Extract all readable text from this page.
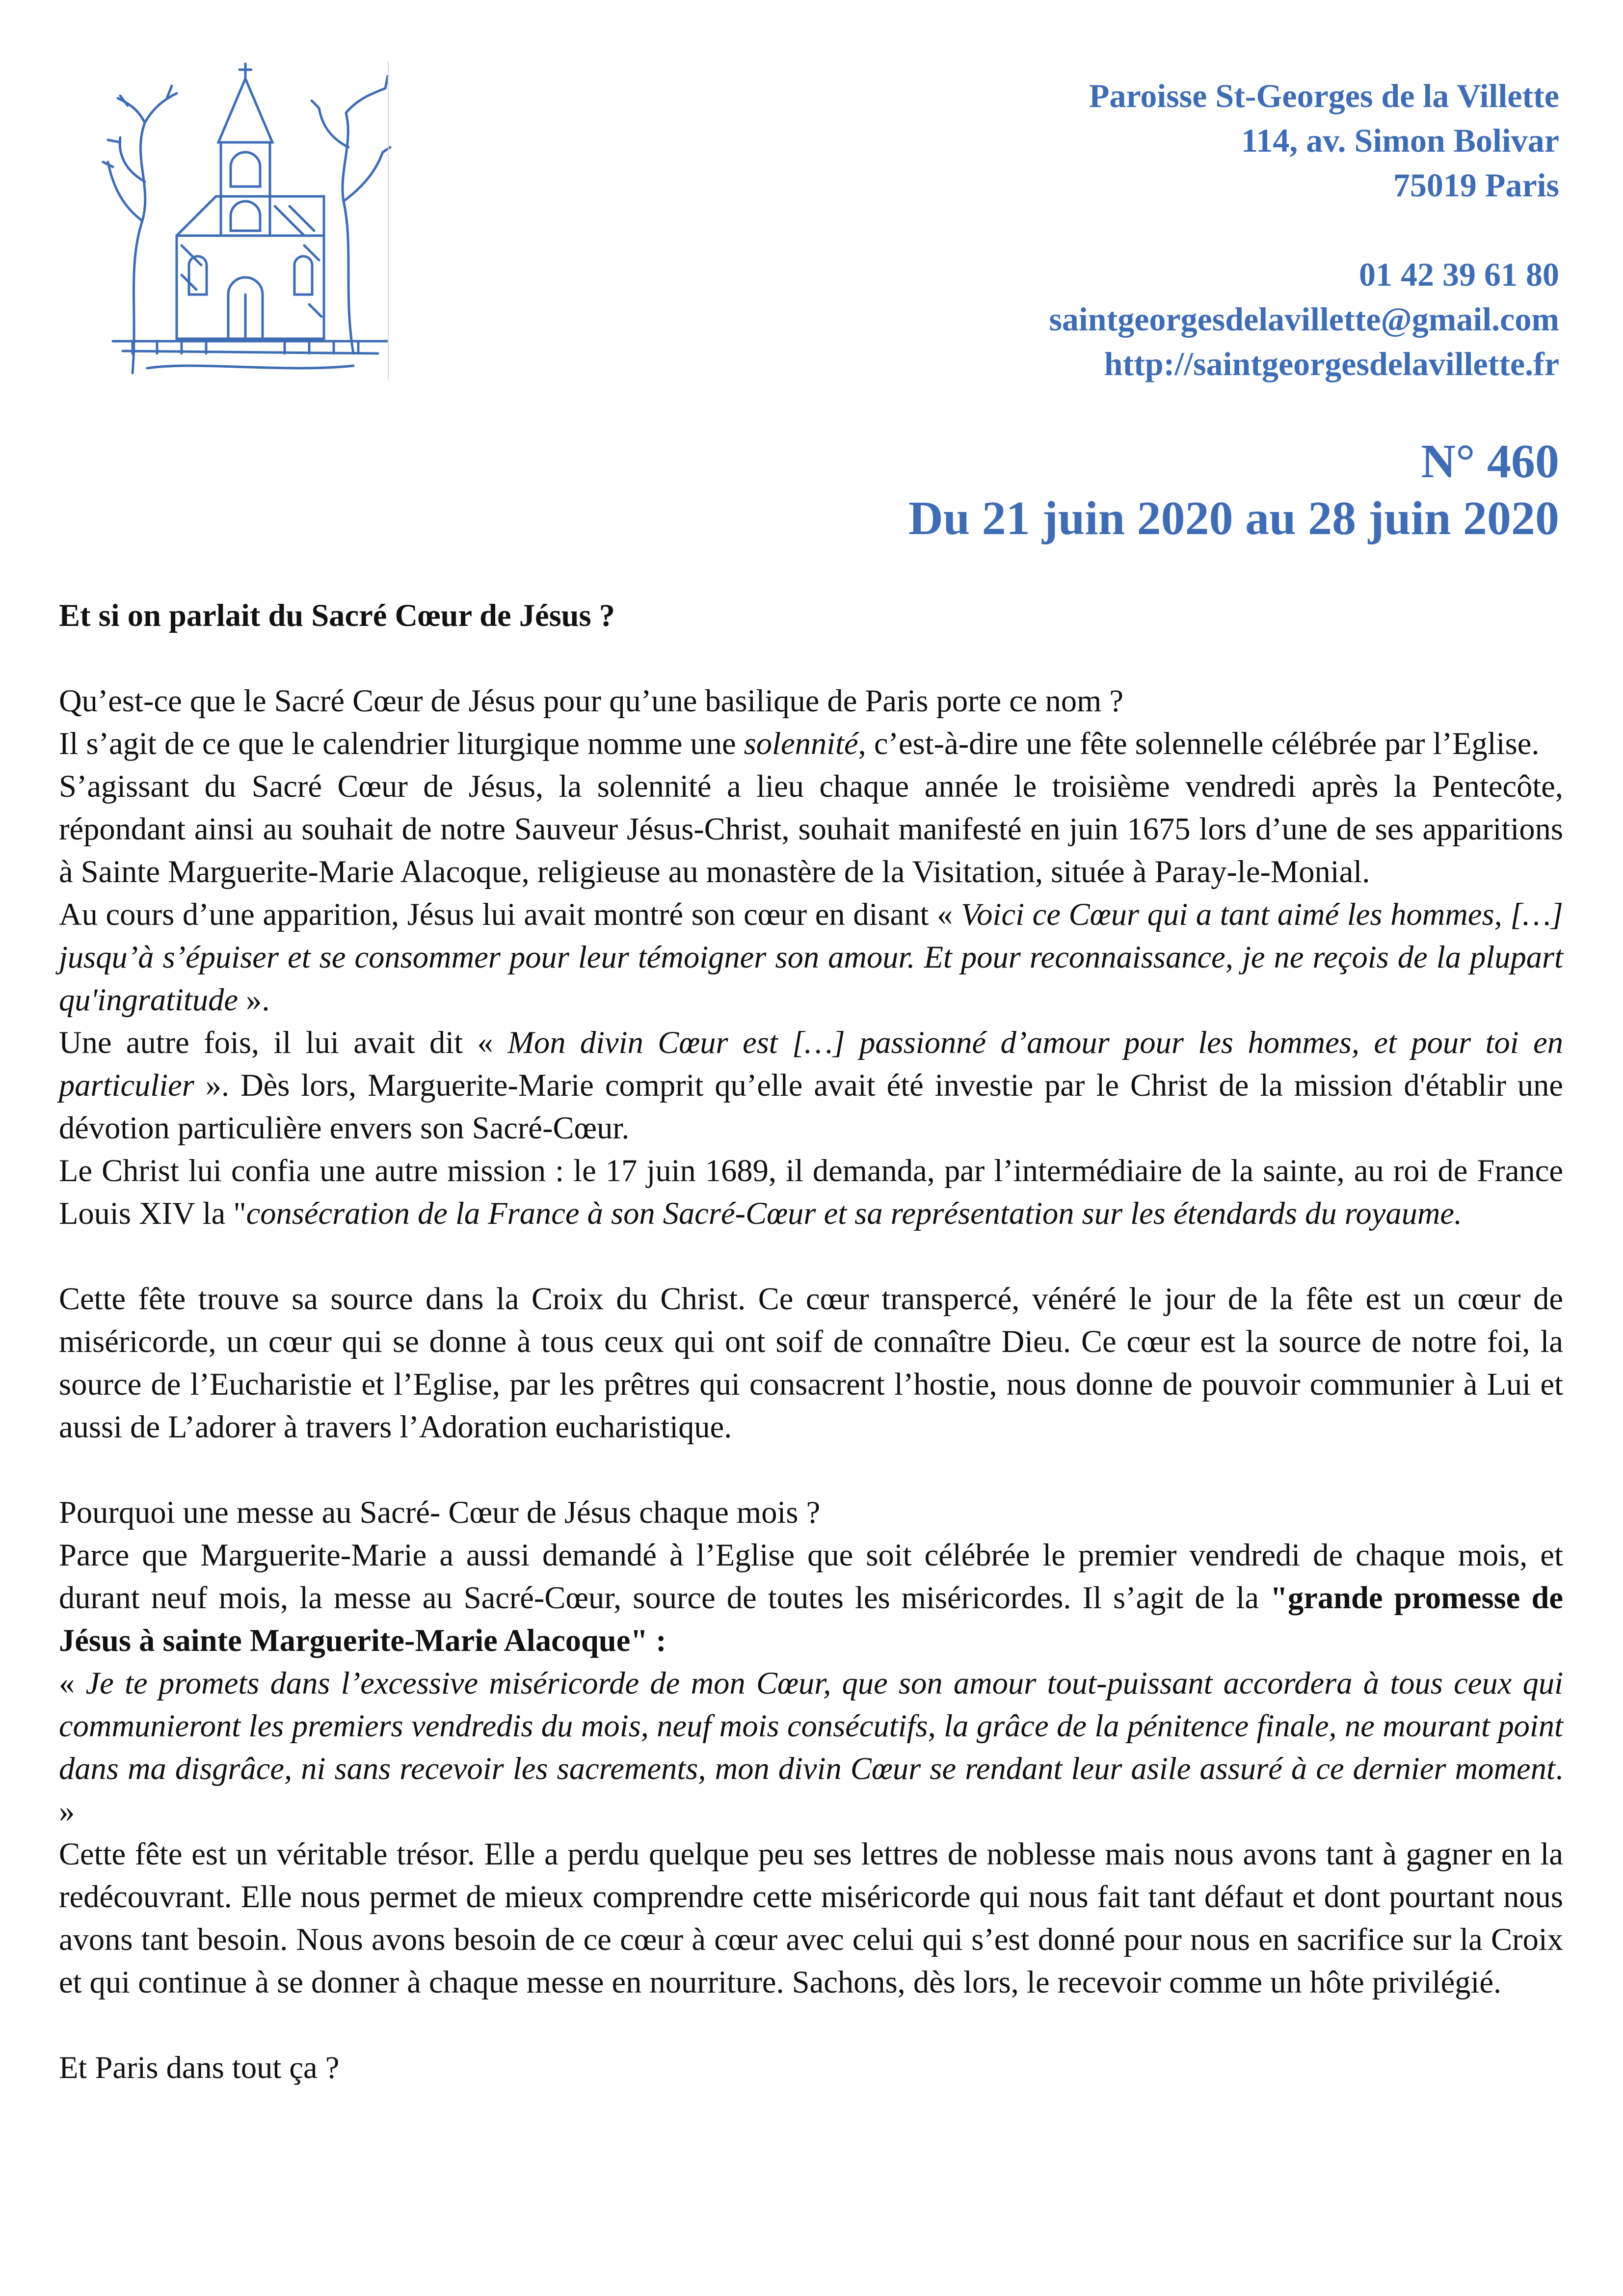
Paroisse St-Georges de la Villette
114, av. Simon Bolivar
75019 Paris
01 42 39 61 80
saintgeorgesdelavillette@gmail.com
http://saintgeorgesdelavillette.fr
N° 460
Du 21 juin 2020 au 28 juin 2020
Et si on parlait du Sacré Cœur de Jésus ?

Qu’est-ce que le Sacré Cœur de Jésus pour qu’une basilique de Paris porte ce nom ?

Il s’agit de ce que le calendrier liturgique nomme une solennité, c’est-à-dire une fête solennelle célébrée par l’Eglise.

S’agissant du Sacré Cœur de Jésus, la solennité a lieu chaque année le troisième vendredi après la Pentecôte, répondant ainsi au souhait de notre Sauveur Jésus-Christ, souhait manifesté en juin 1675 lors d’une de ses apparitions à Sainte Marguerite-Marie Alacoque, religieuse au monastère de la Visitation, située à Paray-le-Monial.

Au cours d’une apparition, Jésus lui avait montré son cœur en disant « Voici ce Cœur qui a tant aimé les hommes, […] jusqu’à s’épuiser et se consommer pour leur témoigner son amour. Et pour reconnaissance, je ne reçois de la plupart qu'ingratitude ».

Une autre fois, il lui avait dit « Mon divin Cœur est […] passionné d’amour pour les hommes, et pour toi en particulier ». Dès lors, Marguerite-Marie comprit qu’elle avait été investie par le Christ de la mission d'établir une dévotion particulière envers son Sacré-Cœur.

Le Christ lui confia une autre mission : le 17 juin 1689, il demanda, par l’intermédiaire de la sainte, au roi de France Louis XIV la "consécration de la France à son Sacré-Cœur et sa représentation sur les étendards du royaume.

Cette fête trouve sa source dans la Croix du Christ. Ce cœur transpercé, vénéré le jour de la fête est un cœur de miséricorde, un cœur qui se donne à tous ceux qui ont soif de connaître Dieu. Ce cœur est la source de notre foi, la source de l’Eucharistie et l’Eglise, par les prêtres qui consacrent l’hostie, nous donne de pouvoir communier à Lui et aussi de L’adorer à travers l’Adoration eucharistique.

Pourquoi une messe au Sacré- Cœur de Jésus chaque mois ?

Parce que Marguerite-Marie a aussi demandé à l’Eglise que soit célébrée le premier vendredi de chaque mois, et durant neuf mois, la messe au Sacré-Cœur, source de toutes les miséricordes. Il s’agit de la "grande promesse de Jésus à sainte Marguerite-Marie Alacoque" :

« Je te promets dans l’excessive miséricorde de mon Cœur, que son amour tout-puissant accordera à tous ceux qui communieront les premiers vendredis du mois, neuf mois consécutifs, la grâce de la pénitence finale, ne mourant point dans ma disgrâce, ni sans recevoir les sacrements, mon divin Cœur se rendant leur asile assuré à ce dernier moment. »

Cette fête est un véritable trésor. Elle a perdu quelque peu ses lettres de noblesse mais nous avons tant à gagner en la redécouvrant. Elle nous permet de mieux comprendre cette miséricorde qui nous fait tant défaut et dont pourtant nous avons tant besoin. Nous avons besoin de ce cœur à cœur avec celui qui s’est donné pour nous en sacrifice sur la Croix et qui continue à se donner à chaque messe en nourriture. Sachons, dès lors, le recevoir comme un hôte privilégié.

Et Paris dans tout ça ?
